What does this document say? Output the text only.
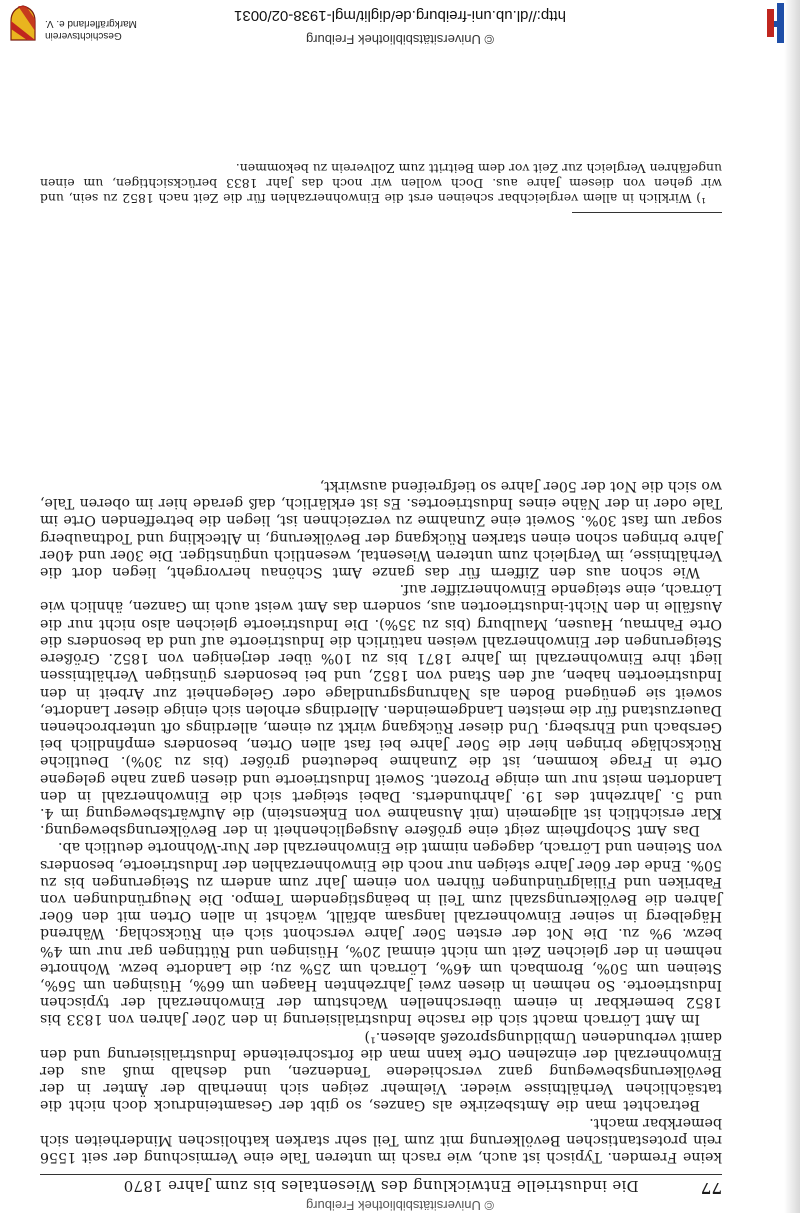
© Universitätsbibliothek Freiburg
77
Die industrielle Entwicklung des Wiesentales bis zum Jahre 1870

keine Fremden. Typisch ist auch, wie rasch im unteren Tale eine Vermischung der seit 1556 rein protestantischen Bevölkerung mit zum Teil sehr starken katholischen Minderheiten sich bemerkbar macht.

Betrachtet man die Amtsbezirke als Ganzes, so gibt der Gesamteindruck doch nicht die tatsächlichen Verhältnisse wieder. Vielmehr zeigen sich innerhalb der Ämter in der Bevölkerungsbewegung ganz verschiedene Tendenzen, und deshalb muß aus der Einwohnerzahl der einzelnen Orte kann man die fortschreitende Industrialisierung und den damit verbundenen Umbildungsprozeß ablesen.¹)

Im Amt Lörrach macht sich die rasche Industrialisierung in den 20er Jahren von 1833 bis 1852 bemerkbar in einem überschnellen Wachstum der Einwohnerzahl der typischen Industrieorte. So nehmen in diesen zwei Jahrzehnten Haagen um 66%, Hüsingen um 56%, Steinen um 50%, Brombach um 46%, Lörrach um 25% zu; die Landorte bezw. Wohnorte nehmen in der gleichen Zeit um nicht einmal 20%, Hüsingen und Rüttingen gar nur um 4% bezw. 9% zu. Die Not der ersten 50er Jahre verschont sich ein Rückschlag. Während Hägelberg in seiner Einwohnerzahl langsam abfällt, wächst in allen Orten mit den 60er Jahren die Bevölkerungszahl zum Teil in beängstigendem Tempo. Die Neugründungen von Fabriken und Filialgründungen führen von einem Jahr zum andern zu Steigerungen bis zu 50%. Ende der 60er Jahre steigen nur noch die Einwohnerzahlen der Industrieorte, besonders von Steinen und Lörrach, dagegen nimmt die Einwohnerzahl der Nur-Wohnorte deutlich ab.

Das Amt Schopfheim zeigt eine größere Ausgeglichenheit in der Bevölkerungsbewegung. Klar ersichtlich ist allgemein (mit Ausnahme von Enkenstein) die Aufwärtsbewegung im 4. und 5. Jahrzehnt des 19. Jahrhunderts. Dabei steigert sich die Einwohnerzahl in den Landorten meist nur um einige Prozent. Soweit Industrieorte und diesen ganz nahe gelegene Orte in Frage kommen, ist die Zunahme bedeutend größer (bis zu 30%). Deutliche Rückschläge bringen hier die 50er Jahre bei fast allen Orten, besonders empfindlich bei Gersbach und Ehrsberg. Und dieser Rückgang wirkt zu einem, allerdings oft unterbrochenen Dauerzustand für die meisten Landgemeinden. Allerdings erholen sich einige dieser Landorte, soweit sie genügend Boden als Nahrungsgrundlage oder Gelegenheit zur Arbeit in den Industrieorten haben, auf den Stand von 1852, und bei besonders günstigen Verhältnissen liegt ihre Einwohnerzahl im Jahre 1871 bis zu 10% über derjenigen von 1852. Größere Steigerungen der Einwohnerzahl weisen natürlich die Industrieorte auf und da besonders die Orte Fahrnau, Hausen, Maulburg (bis zu 35%). Die Industrieorte gleichen also nicht nur die Ausfälle in den Nicht-industrieorten aus, sondern das Amt weist auch im Ganzen, ähnlich wie Lörrach, eine steigende Einwohnerziffer auf.

Wie schon aus den Ziffern für das ganze Amt Schönau hervorgeht, liegen dort die Verhältnisse, im Vergleich zum unteren Wiesental, wesentlich ungünstiger. Die 30er und 40er Jahre bringen schon einen starken Rückgang der Bevölkerung, in Alteckling und Todtnauberg sogar um fast 30%. Soweit eine Zunahme zu verzeichnen ist, liegen die betreffenden Orte im Tale oder in der Nähe eines Industrieortes. Es ist erklärlich, daß gerade hier im oberen Tale, wo sich die Not der 50er Jahre so tiefgreifend auswirkt,

¹) Wirklich in allem vergleichbar scheinen erst die Einwohnerzahlen für die Zeit nach 1852 zu sein, und wir gehen von diesem Jahre aus. Doch wollen wir noch das Jahr 1833 berücksichtigen, um einen ungefähren Vergleich zur Zeit vor dem Beitritt zum Zollverein zu bekommen.

© Universitätsbibliothek Freiburg
http://dl.ub.uni-freiburg.de/diglit/mgl-1938-02/0031
Geschichtsverein Markgräflerland e. V.
